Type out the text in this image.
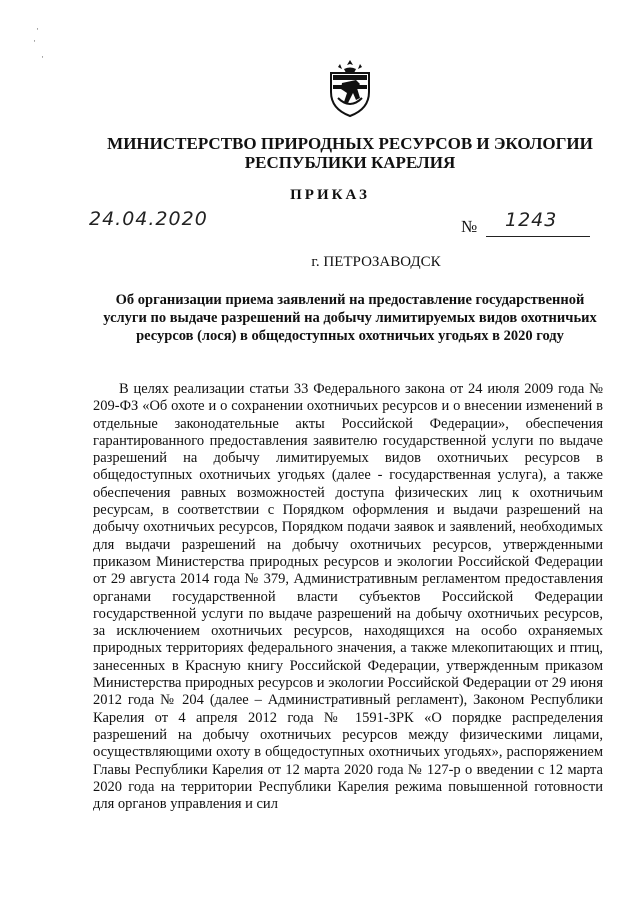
·
·
·
МИНИСТЕРСТВО ПРИРОДНЫХ РЕСУРСОВ И ЭКОЛОГИИ
РЕСПУБЛИКИ КАРЕЛИЯ
ПРИКАЗ
24.04.2020	№ 1243
г. ПЕТРОЗАВОДСК
Об организации приема заявлений на предоставление государственной услуги по выдаче разрешений на добычу лимитируемых видов охотничьих ресурсов (лося) в общедоступных охотничьих угодьях в 2020 году
В целях реализации статьи 33 Федерального закона от 24 июля 2009 года № 209-ФЗ «Об охоте и о сохранении охотничьих ресурсов и о внесении изменений в отдельные законодательные акты Российской Федерации», обеспечения гарантированного предоставления заявителю государственной услуги по выдаче разрешений на добычу лимитируемых видов охотничьих ресурсов в общедоступных охотничьих угодьях (далее - государственная услуга), а также обеспечения равных возможностей доступа физических лиц к охотничьим ресурсам, в соответствии с Порядком оформления и выдачи разрешений на добычу охотничьих ресурсов, Порядком подачи заявок и заявлений, необходимых для выдачи разрешений на добычу охотничьих ресурсов, утвержденными приказом Министерства природных ресурсов и экологии Российской Федерации от 29 августа 2014 года № 379, Административным регламентом предоставления органами государственной власти субъектов Российской Федерации государственной услуги по выдаче разрешений на добычу охотничьих ресурсов, за исключением охотничьих ресурсов, находящихся на особо охраняемых природных территориях федерального значения, а также млекопитающих и птиц, занесенных в Красную книгу Российской Федерации, утвержденным приказом Министерства природных ресурсов и экологии Российской Федерации от 29 июня 2012 года № 204 (далее – Административный регламент), Законом Республики Карелия от 4 апреля 2012 года № 1591-ЗРК «О порядке распределения разрешений на добычу охотничьих ресурсов между физическими лицами, осуществляющими охоту в общедоступных охотничьих угодьях», распоряжением Главы Республики Карелия от 12 марта 2020 года № 127-р о введении с 12 марта 2020 года на территории Республики Карелия режима повышенной готовности для органов управления и сил
